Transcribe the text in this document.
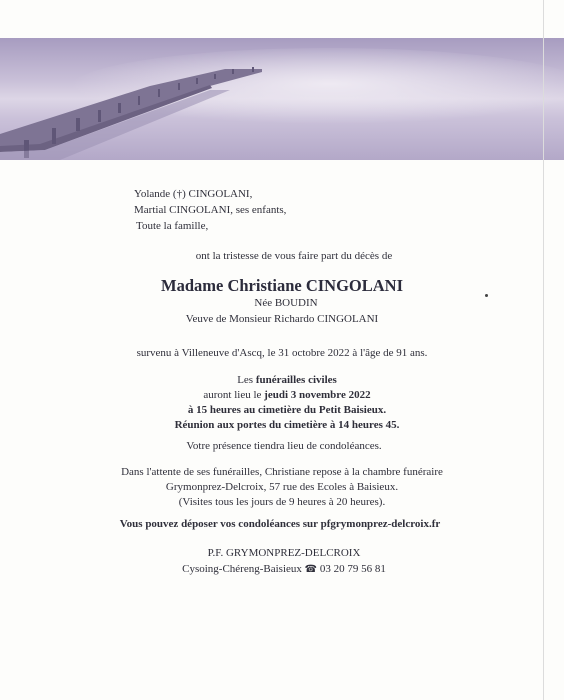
Yolande (†) CINGOLANI,
Martial CINGOLANI, ses enfants,
Toute la famille,
ont la tristesse de vous faire part du décès de
Madame Christiane CINGOLANI
Née BOUDIN
Veuve de Monsieur Richardo CINGOLANI
survenu à Villeneuve d'Ascq, le 31 octobre 2022 à l'âge de 91 ans.
Les funérailles civiles
auront lieu le jeudi 3 novembre 2022
à 15 heures au cimetière du Petit Baisieux.
Réunion aux portes du cimetière à 14 heures 45.
Votre présence tiendra lieu de condoléances.
Dans l'attente de ses funérailles, Christiane repose à la chambre funéraire
Grymonprez-Delcroix, 57 rue des Ecoles à Baisieux.
(Visites tous les jours de 9 heures à 20 heures).
Vous pouvez déposer vos condoléances sur pfgrymonprez-delcroix.fr
P.F. GRYMONPREZ-DELCROIX
Cysoing-Chéreng-Baisieux ☎ 03 20 79 56 81
